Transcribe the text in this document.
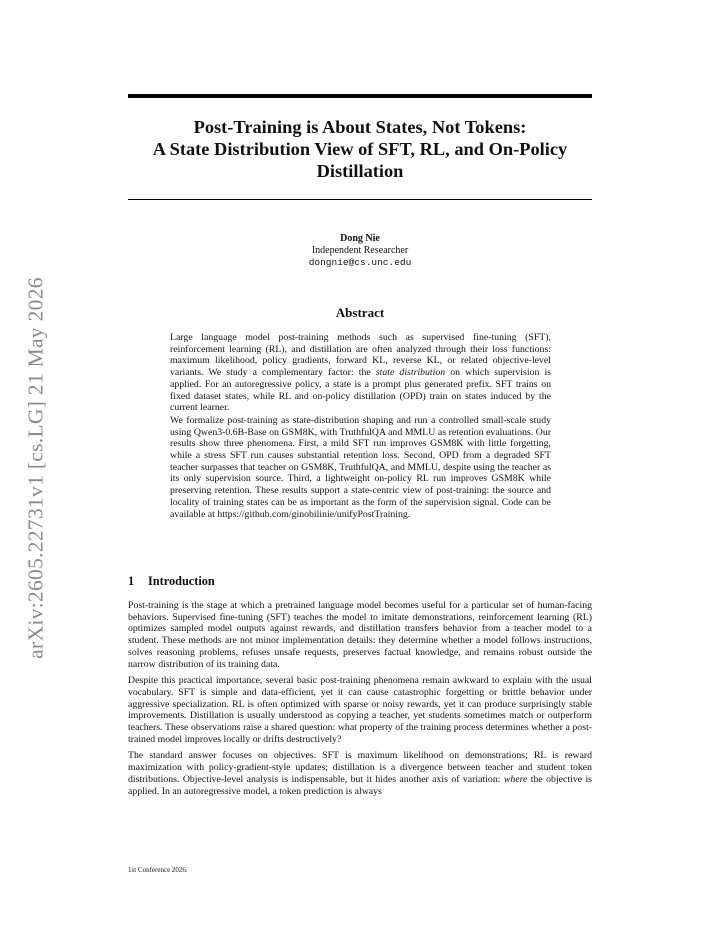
arXiv:2605.22731v1 [cs.LG] 21 May 2026
Post-Training is About States, Not Tokens:
A State Distribution View of SFT, RL, and On-Policy
Distillation
Dong Nie
Independent Researcher
dongnie@cs.unc.edu
Abstract

Large language model post-training methods such as supervised fine-tuning (SFT), reinforcement learning (RL), and distillation are often analyzed through their loss functions: maximum likelihood, policy gradients, forward KL, reverse KL, or related objective-level variants. We study a complementary factor: the state distribution on which supervision is applied. For an autoregressive policy, a state is a prompt plus generated prefix. SFT trains on fixed dataset states, while RL and on-policy distillation (OPD) train on states induced by the current learner.

We formalize post-training as state-distribution shaping and run a controlled small-scale study using Qwen3-0.6B-Base on GSM8K, with TruthfulQA and MMLU as retention evaluations. Our results show three phenomena. First, a mild SFT run improves GSM8K with little forgetting, while a stress SFT run causes substantial retention loss. Second, OPD from a degraded SFT teacher surpasses that teacher on GSM8K, TruthfulQA, and MMLU, despite using the teacher as its only supervision source. Third, a lightweight on-policy RL run improves GSM8K while preserving retention. These results support a state-centric view of post-training: the source and locality of training states can be as important as the form of the supervision signal. Code can be available at https://github.com/ginobilinie/unifyPostTraining.

1 Introduction

Post-training is the stage at which a pretrained language model becomes useful for a particular set of human-facing behaviors. Supervised fine-tuning (SFT) teaches the model to imitate demonstrations, reinforcement learning (RL) optimizes sampled model outputs against rewards, and distillation transfers behavior from a teacher model to a student. These methods are not minor implementation details: they determine whether a model follows instructions, solves reasoning problems, refuses unsafe requests, preserves factual knowledge, and remains robust outside the narrow distribution of its training data.

Despite this practical importance, several basic post-training phenomena remain awkward to explain with the usual vocabulary. SFT is simple and data-efficient, yet it can cause catastrophic forgetting or brittle behavior under aggressive specialization. RL is often optimized with sparse or noisy rewards, yet it can produce surprisingly stable improvements. Distillation is usually understood as copying a teacher, yet students sometimes match or outperform teachers. These observations raise a shared question: what property of the training process determines whether a post-trained model improves locally or drifts destructively?

The standard answer focuses on objectives. SFT is maximum likelihood on demonstrations; RL is reward maximization with policy-gradient-style updates; distillation is a divergence between teacher and student token distributions. Objective-level analysis is indispensable, but it hides another axis of variation: where the objective is applied. In an autoregressive model, a token prediction is always

1st Conference 2026.
